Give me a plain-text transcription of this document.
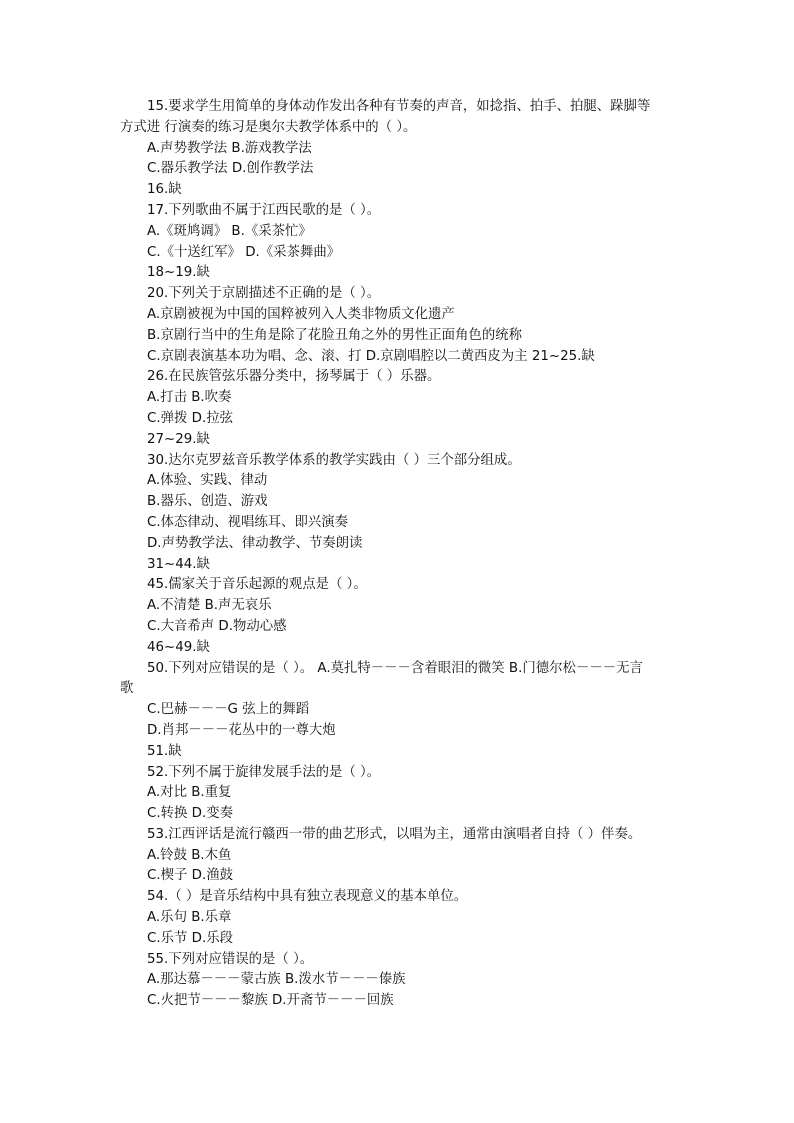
15.要求学生用简单的身体动作发出各种有节奏的声音，如捻指、拍手、拍腿、跺脚等
方式进 行演奏的练习是奥尔夫教学体系中的（ ）。
A.声势教学法 B.游戏教学法
C.器乐教学法 D.创作教学法
16.缺
17.下列歌曲不属于江西民歌的是（ ）。
A.《斑鸠调》 B.《采茶忙》
C.《十送红军》 D.《采茶舞曲》
18~19.缺
20.下列关于京剧描述不正确的是（ ）。
A.京剧被视为中国的国粹被列入人类非物质文化遗产
B.京剧行当中的生角是除了花脸丑角之外的男性正面角色的统称
C.京剧表演基本功为唱、念、滚、打 D.京剧唱腔以二黄西皮为主 21~25.缺
26.在民族管弦乐器分类中，扬琴属于（ ）乐器。
A.打击 B.吹奏
C.弹拨 D.拉弦
27~29.缺
30.达尔克罗兹音乐教学体系的教学实践由（ ）三个部分组成。
A.体验、实践、律动
B.器乐、创造、游戏
C.体态律动、视唱练耳、即兴演奏
D.声势教学法、律动教学、节奏朗读
31~44.缺
45.儒家关于音乐起源的观点是（ ）。
A.不清楚 B.声无哀乐
C.大音希声 D.物动心感
46~49.缺
50.下列对应错误的是（ ）。 A.莫扎特－－－含着眼泪的微笑 B.门德尔松－－－无言
歌
C.巴赫－－－G 弦上的舞蹈
D.肖邦－－－花丛中的一尊大炮
51.缺
52.下列不属于旋律发展手法的是（ ）。
A.对比 B.重复
C.转换 D.变奏
53.江西评话是流行赣西一带的曲艺形式，以唱为主，通常由演唱者自持（ ）伴奏。
A.铃鼓 B.木鱼
C.楔子 D.渔鼓
54.（ ）是音乐结构中具有独立表现意义的基本单位。
A.乐句 B.乐章
C.乐节 D.乐段
55.下列对应错误的是（ ）。
A.那达慕－－－蒙古族 B.泼水节－－－傣族
C.火把节－－－黎族 D.开斋节－－－回族
